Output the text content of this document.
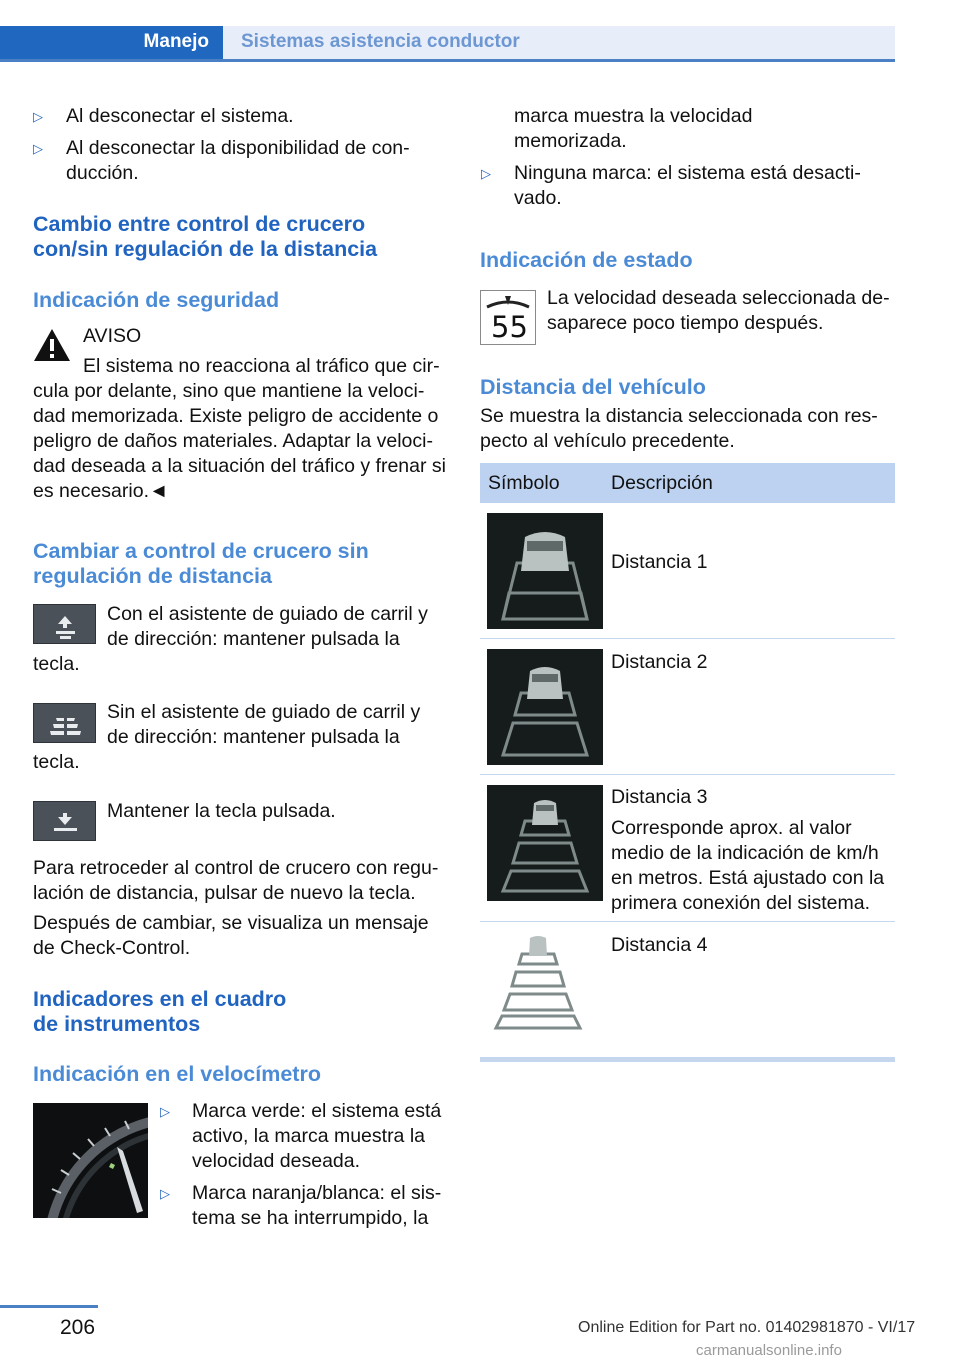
Manejo Sistemas asistencia conductor
▷ Al desconectar el sistema.
▷ Al desconectar la disponibilidad de con-
ducción.
Cambio entre control de crucero
con/sin regulación de la distancia
Indicación de seguridad
AVISO
El sistema no reacciona al tráfico que cir-
cula por delante, sino que mantiene la veloci-
dad memorizada. Existe peligro de accidente o
peligro de daños materiales. Adaptar la veloci-
dad deseada a la situación del tráfico y frenar si
es necesario.◄
Cambiar a control de crucero sin
regulación de distancia
Con el asistente de guiado de carril y
de dirección: mantener pulsada la
tecla.
Sin el asistente de guiado de carril y
de dirección: mantener pulsada la
tecla.
Mantener la tecla pulsada.
Para retroceder al control de crucero con regu-
lación de distancia, pulsar de nuevo la tecla.
Después de cambiar, se visualiza un mensaje
de Check-Control.
Indicadores en el cuadro
de instrumentos
Indicación en el velocímetro
▷ Marca verde: el sistema está
activo, la marca muestra la
velocidad deseada.
▷ Marca naranja/blanca: el sis-
tema se ha interrumpido, la
marca muestra la velocidad
memorizada.
▷ Ninguna marca: el sistema está desacti-
vado.
Indicación de estado
55
La velocidad deseada seleccionada de-
saparece poco tiempo después.
Distancia del vehículo
Se muestra la distancia seleccionada con res-
pecto al vehículo precedente.
Símbolo	Descripción
Distancia 1
Distancia 2
Distancia 3
Corresponde aprox. al valor
medio de la indicación de km/h
en metros. Está ajustado con la
primera conexión del sistema.
Distancia 4
206	Online Edition for Part no. 01402981870 - VI/17
carmanualsonline.info
